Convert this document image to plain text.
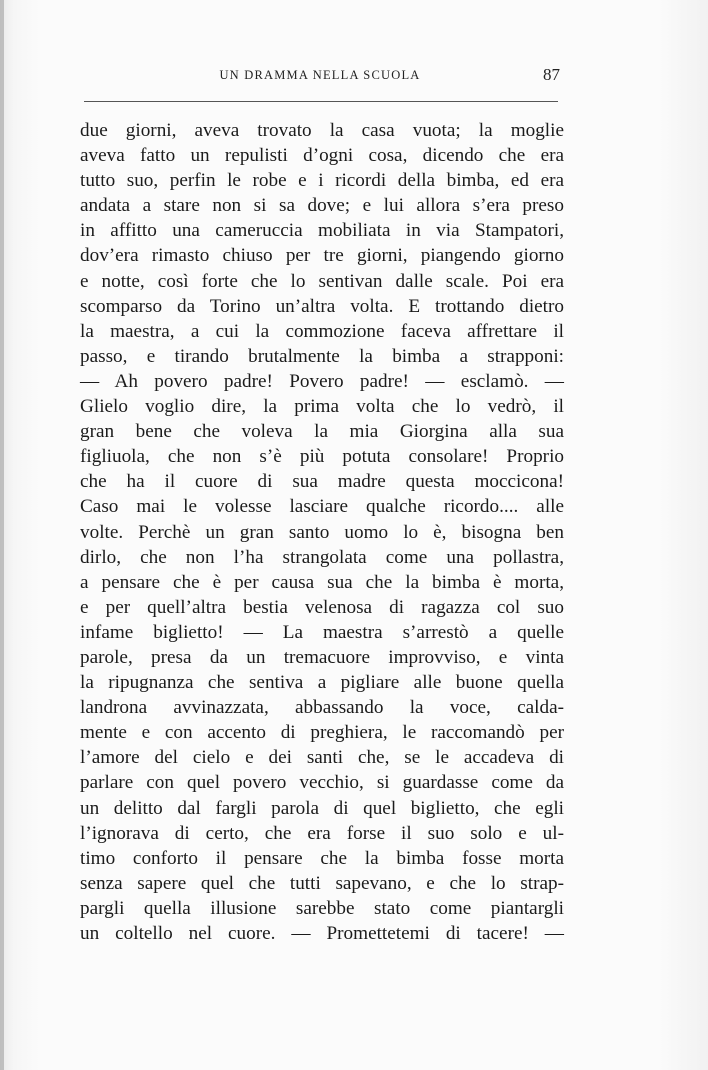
UN DRAMMA NELLA SCUOLA	87
due giorni, aveva trovato la casa vuota; la moglie
aveva fatto un repulisti d’ogni cosa, dicendo che era
tutto suo, perfin le robe e i ricordi della bimba, ed era
andata a stare non si sa dove; e lui allora s’era preso
in affitto una cameruccia mobiliata in via Stampatori,
dov’era rimasto chiuso per tre giorni, piangendo giorno
e notte, così forte che lo sentivan dalle scale. Poi era
scomparso da Torino un’altra volta. E trottando dietro
la maestra, a cui la commozione faceva affrettare il
passo, e tirando brutalmente la bimba a strapponi:
— Ah povero padre! Povero padre! — esclamò. —
Glielo voglio dire, la prima volta che lo vedrò, il
gran bene che voleva la mia Giorgina alla sua
figliuola, che non s’è più potuta consolare! Proprio
che ha il cuore di sua madre questa moccicona!
Caso mai le volesse lasciare qualche ricordo.... alle
volte. Perchè un gran santo uomo lo è, bisogna ben
dirlo, che non l’ha strangolata come una pollastra,
a pensare che è per causa sua che la bimba è morta,
e per quell’altra bestia velenosa di ragazza col suo
infame biglietto! — La maestra s’arrestò a quelle
parole, presa da un tremacuore improvviso, e vinta
la ripugnanza che sentiva a pigliare alle buone quella
landrona avvinazzata, abbassando la voce, calda-
mente e con accento di preghiera, le raccomandò per
l’amore del cielo e dei santi che, se le accadeva di
parlare con quel povero vecchio, si guardasse come da
un delitto dal fargli parola di quel biglietto, che egli
l’ignorava di certo, che era forse il suo solo e ul-
timo conforto il pensare che la bimba fosse morta
senza sapere quel che tutti sapevano, e che lo strap-
pargli quella illusione sarebbe stato come piantargli
un coltello nel cuore. — Promettetemi di tacere! —
